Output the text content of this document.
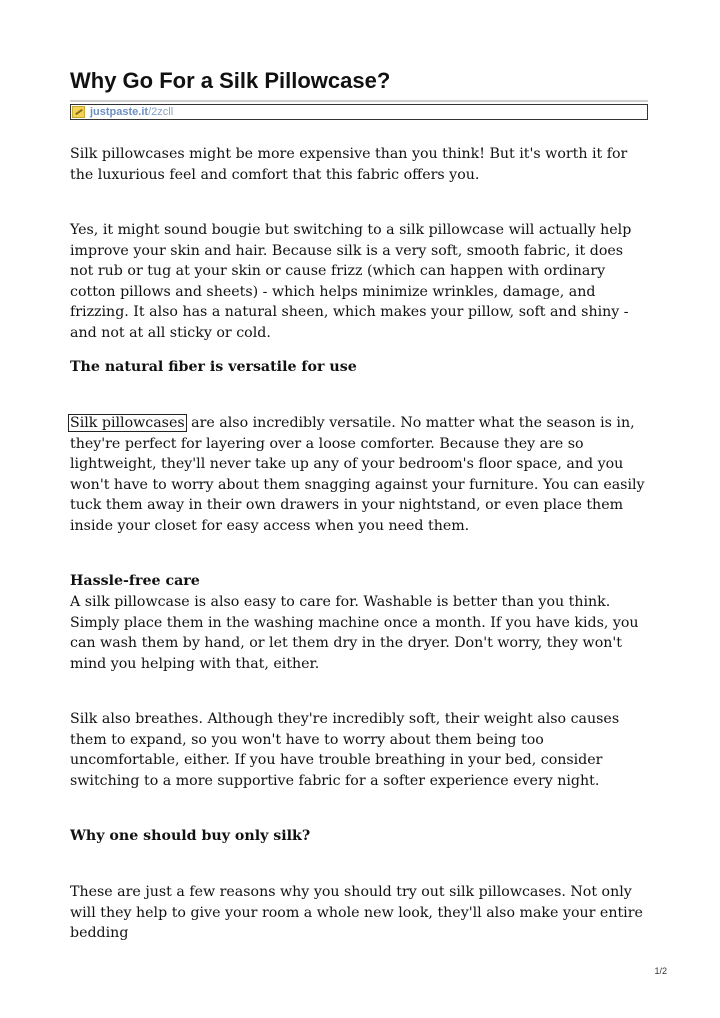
Why Go For a Silk Pillowcase?
justpaste.it/2zcll

Silk pillowcases might be more expensive than you think! But it's worth it for the luxurious feel and comfort that this fabric offers you.

Yes, it might sound bougie but switching to a silk pillowcase will actually help improve your skin and hair. Because silk is a very soft, smooth fabric, it does not rub or tug at your skin or cause frizz (which can happen with ordinary cotton pillows and sheets) - which helps minimize wrinkles, damage, and frizzing. It also has a natural sheen, which makes your pillow, soft and shiny - and not at all sticky or cold.

The natural fiber is versatile for use

Silk pillowcases are also incredibly versatile. No matter what the season is in, they're perfect for layering over a loose comforter. Because they are so lightweight, they'll never take up any of your bedroom's floor space, and you won't have to worry about them snagging against your furniture. You can easily tuck them away in their own drawers in your nightstand, or even place them inside your closet for easy access when you need them.

Hassle-free care

A silk pillowcase is also easy to care for. Washable is better than you think. Simply place them in the washing machine once a month. If you have kids, you can wash them by hand, or let them dry in the dryer. Don't worry, they won't mind you helping with that, either.

Silk also breathes. Although they're incredibly soft, their weight also causes them to expand, so you won't have to worry about them being too uncomfortable, either. If you have trouble breathing in your bed, consider switching to a more supportive fabric for a softer experience every night.

Why one should buy only silk?

These are just a few reasons why you should try out silk pillowcases. Not only will they help to give your room a whole new look, they'll also make your entire bedding

1/2
